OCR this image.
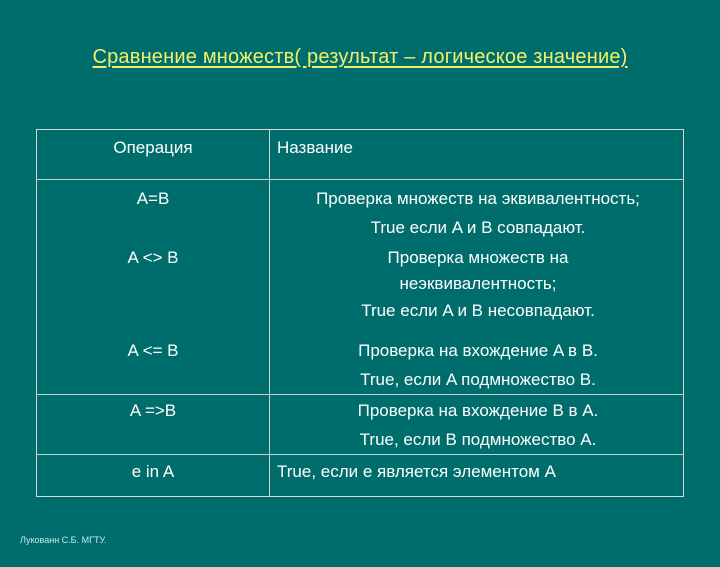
Сравнение множеств( результат – логическое значение)
Операция	Название
A=B	Проверка множеств на эквивалентность;
True если A и B совпадают.
A <> B	Проверка множеств на
неэквивалентность;
True если A и B несовпадают.
A <= B	Проверка на вхождение A в B.
True, если A подмножество B.
A =>B	Проверка на вхождение B в A.
True, если B подмножество A.
e in A	True, если е является элементом A
Лукованн С.Б. МГТУ.
